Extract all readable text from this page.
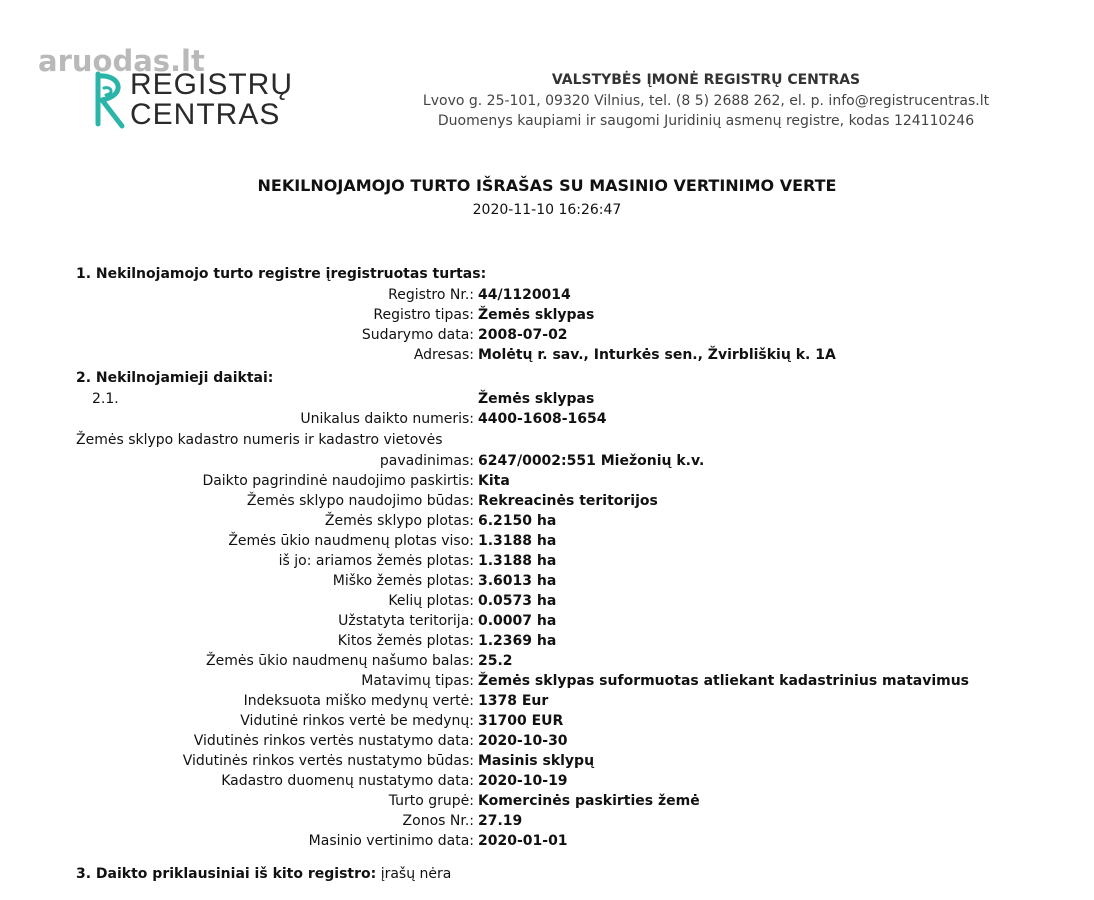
aruodas.lt
REGISTRŲ
CENTRAS
VALSTYBĖS ĮMONĖ REGISTRŲ CENTRAS
Lvovo g. 25-101, 09320 Vilnius, tel. (8 5) 2688 262, el. p. info@registrucentras.lt
Duomenys kaupiami ir saugomi Juridinių asmenų registre, kodas 124110246
NEKILNOJAMOJO TURTO IŠRAŠAS SU MASINIO VERTINIMO VERTE
2020-11-10 16:26:47
1. Nekilnojamojo turto registre įregistruotas turtas:
Registro Nr.: 44/1120014
Registro tipas: Žemės sklypas
Sudarymo data: 2008-07-02
Adresas: Molėtų r. sav., Inturkės sen., Žvirbliškių k. 1A
2. Nekilnojamieji daiktai:
2.1.	Žemės sklypas
Unikalus daikto numeris: 4400-1608-1654
Žemės sklypo kadastro numeris ir kadastro vietovės
pavadinimas: 6247/0002:551 Miežonių k.v.
Daikto pagrindinė naudojimo paskirtis: Kita
Žemės sklypo naudojimo būdas: Rekreacinės teritorijos
Žemės sklypo plotas: 6.2150 ha
Žemės ūkio naudmenų plotas viso: 1.3188 ha
iš jo: ariamos žemės plotas: 1.3188 ha
Miško žemės plotas: 3.6013 ha
Kelių plotas: 0.0573 ha
Užstatyta teritorija: 0.0007 ha
Kitos žemės plotas: 1.2369 ha
Žemės ūkio naudmenų našumo balas: 25.2
Matavimų tipas: Žemės sklypas suformuotas atliekant kadastrinius matavimus
Indeksuota miško medynų vertė: 1378 Eur
Vidutinė rinkos vertė be medynų: 31700 EUR
Vidutinės rinkos vertės nustatymo data: 2020-10-30
Vidutinės rinkos vertės nustatymo būdas: Masinis sklypų
Kadastro duomenų nustatymo data: 2020-10-19
Turto grupė: Komercinės paskirties žemė
Zonos Nr.: 27.19
Masinio vertinimo data: 2020-01-01
3. Daikto priklausiniai iš kito registro: įrašų nėra
